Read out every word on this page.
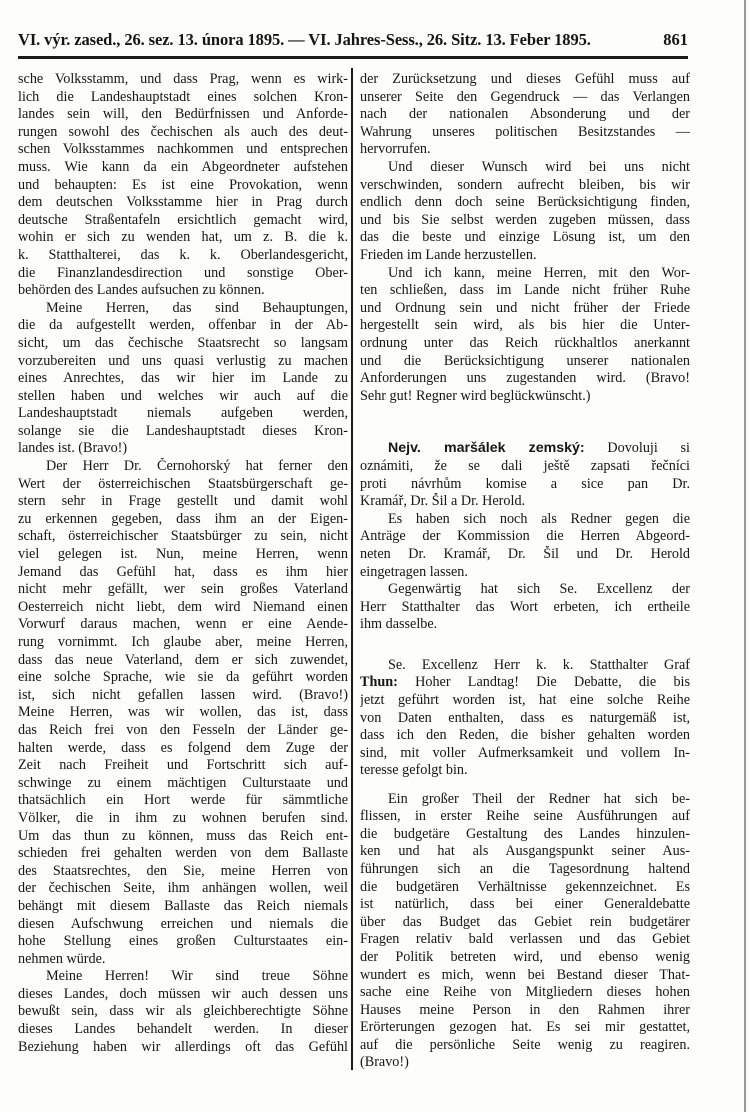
VI. výr. zased., 26. sez. 13. února 1895. — VI. Jahres-Sess., 26. Sitz. 13. Feber 1895.	861
sche Volksstamm, und dass Prag, wenn es wirk-
lich die Landeshauptstadt eines solchen Kron-
landes sein will, den Bedürfnissen und Anforde-
rungen sowohl des čechischen als auch des deut-
schen Volksstammes nachkommen und entsprechen
muss. Wie kann da ein Abgeordneter aufstehen
und behaupten: Es ist eine Provokation, wenn
dem deutschen Volksstamme hier in Prag durch
deutsche Straßentafeln ersichtlich gemacht wird,
wohin er sich zu wenden hat, um z. B. die k.
k. Statthalterei, das k. k. Oberlandesgericht,
die Finanzlandesdirection und sonstige Ober-
behörden des Landes aufsuchen zu können.
Meine Herren, das sind Behauptungen,
die da aufgestellt werden, offenbar in der Ab-
sicht, um das čechische Staatsrecht so langsam
vorzubereiten und uns quasi verlustig zu machen
eines Anrechtes, das wir hier im Lande zu
stellen haben und welches wir auch auf die
Landeshauptstadt niemals aufgeben werden,
solange sie die Landeshauptstadt dieses Kron-
landes ist. (Bravo!)
Der Herr Dr. Černohorský hat ferner den
Wert der österreichischen Staatsbürgerschaft ge-
stern sehr in Frage gestellt und damit wohl
zu erkennen gegeben, dass ihm an der Eigen-
schaft, österreichischer Staatsbürger zu sein, nicht
viel gelegen ist. Nun, meine Herren, wenn
Jemand das Gefühl hat, dass es ihm hier
nicht mehr gefällt, wer sein großes Vaterland
Oesterreich nicht liebt, dem wird Niemand einen
Vorwurf daraus machen, wenn er eine Aende-
rung vornimmt. Ich glaube aber, meine Herren,
dass das neue Vaterland, dem er sich zuwendet,
eine solche Sprache, wie sie da geführt worden
ist, sich nicht gefallen lassen wird. (Bravo!)
Meine Herren, was wir wollen, das ist, dass
das Reich frei von den Fesseln der Länder ge-
halten werde, dass es folgend dem Zuge der
Zeit nach Freiheit und Fortschritt sich auf-
schwinge zu einem mächtigen Culturstaate und
thatsächlich ein Hort werde für sämmtliche
Völker, die in ihm zu wohnen berufen sind.
Um das thun zu können, muss das Reich ent-
schieden frei gehalten werden von dem Ballaste
des Staatsrechtes, den Sie, meine Herren von
der čechischen Seite, ihm anhängen wollen, weil
behängt mit diesem Ballaste das Reich niemals
diesen Aufschwung erreichen und niemals die
hohe Stellung eines großen Culturstaates ein-
nehmen würde.
Meine Herren! Wir sind treue Söhne
dieses Landes, doch müssen wir auch dessen uns
bewußt sein, dass wir als gleichberechtigte Söhne
dieses Landes behandelt werden. In dieser
Beziehung haben wir allerdings oft das Gefühl
der Zurücksetzung und dieses Gefühl muss auf
unserer Seite den Gegendruck — das Verlangen
nach der nationalen Absonderung und der
Wahrung unseres politischen Besitzstandes —
hervorrufen.
Und dieser Wunsch wird bei uns nicht
verschwinden, sondern aufrecht bleiben, bis wir
endlich denn doch seine Berücksichtigung finden,
und bis Sie selbst werden zugeben müssen, dass
das die beste und einzige Lösung ist, um den
Frieden im Lande herzustellen.
Und ich kann, meine Herren, mit den Wor-
ten schließen, dass im Lande nicht früher Ruhe
und Ordnung sein und nicht früher der Friede
hergestellt sein wird, als bis hier die Unter-
ordnung unter das Reich rückhaltlos anerkannt
und die Berücksichtigung unserer nationalen
Anforderungen uns zugestanden wird. (Bravo!
Sehr gut! Regner wird beglückwünscht.)
Nejv. maršálek zemský: Dovoluji si
oznámiti, že se dali ještě zapsati řečníci
proti návrhům komise a sice pan Dr.
Kramář, Dr. Šil a Dr. Herold.
Es haben sich noch als Redner gegen die
Anträge der Kommission die Herren Abgeord-
neten Dr. Kramář, Dr. Šil und Dr. Herold
eingetragen lassen.
Gegenwärtig hat sich Se. Excellenz der
Herr Statthalter das Wort erbeten, ich ertheile
ihm dasselbe.
Se. Excellenz Herr k. k. Statthalter Graf
Thun: Hoher Landtag! Die Debatte, die bis
jetzt geführt worden ist, hat eine solche Reihe
von Daten enthalten, dass es naturgemäß ist,
dass ich den Reden, die bisher gehalten worden
sind, mit voller Aufmerksamkeit und vollem In-
teresse gefolgt bin.
Ein großer Theil der Redner hat sich be-
flissen, in erster Reihe seine Ausführungen auf
die budgetäre Gestaltung des Landes hinzulen-
ken und hat als Ausgangspunkt seiner Aus-
führungen sich an die Tagesordnung haltend
die budgetären Verhältnisse gekennzeichnet. Es
ist natürlich, dass bei einer Generaldebatte
über das Budget das Gebiet rein budgetärer
Fragen relativ bald verlassen und das Gebiet
der Politik betreten wird, und ebenso wenig
wundert es mich, wenn bei Bestand dieser That-
sache eine Reihe von Mitgliedern dieses hohen
Hauses meine Person in den Rahmen ihrer
Erörterungen gezogen hat. Es sei mir gestattet,
auf die persönliche Seite wenig zu reagiren.
(Bravo!)
